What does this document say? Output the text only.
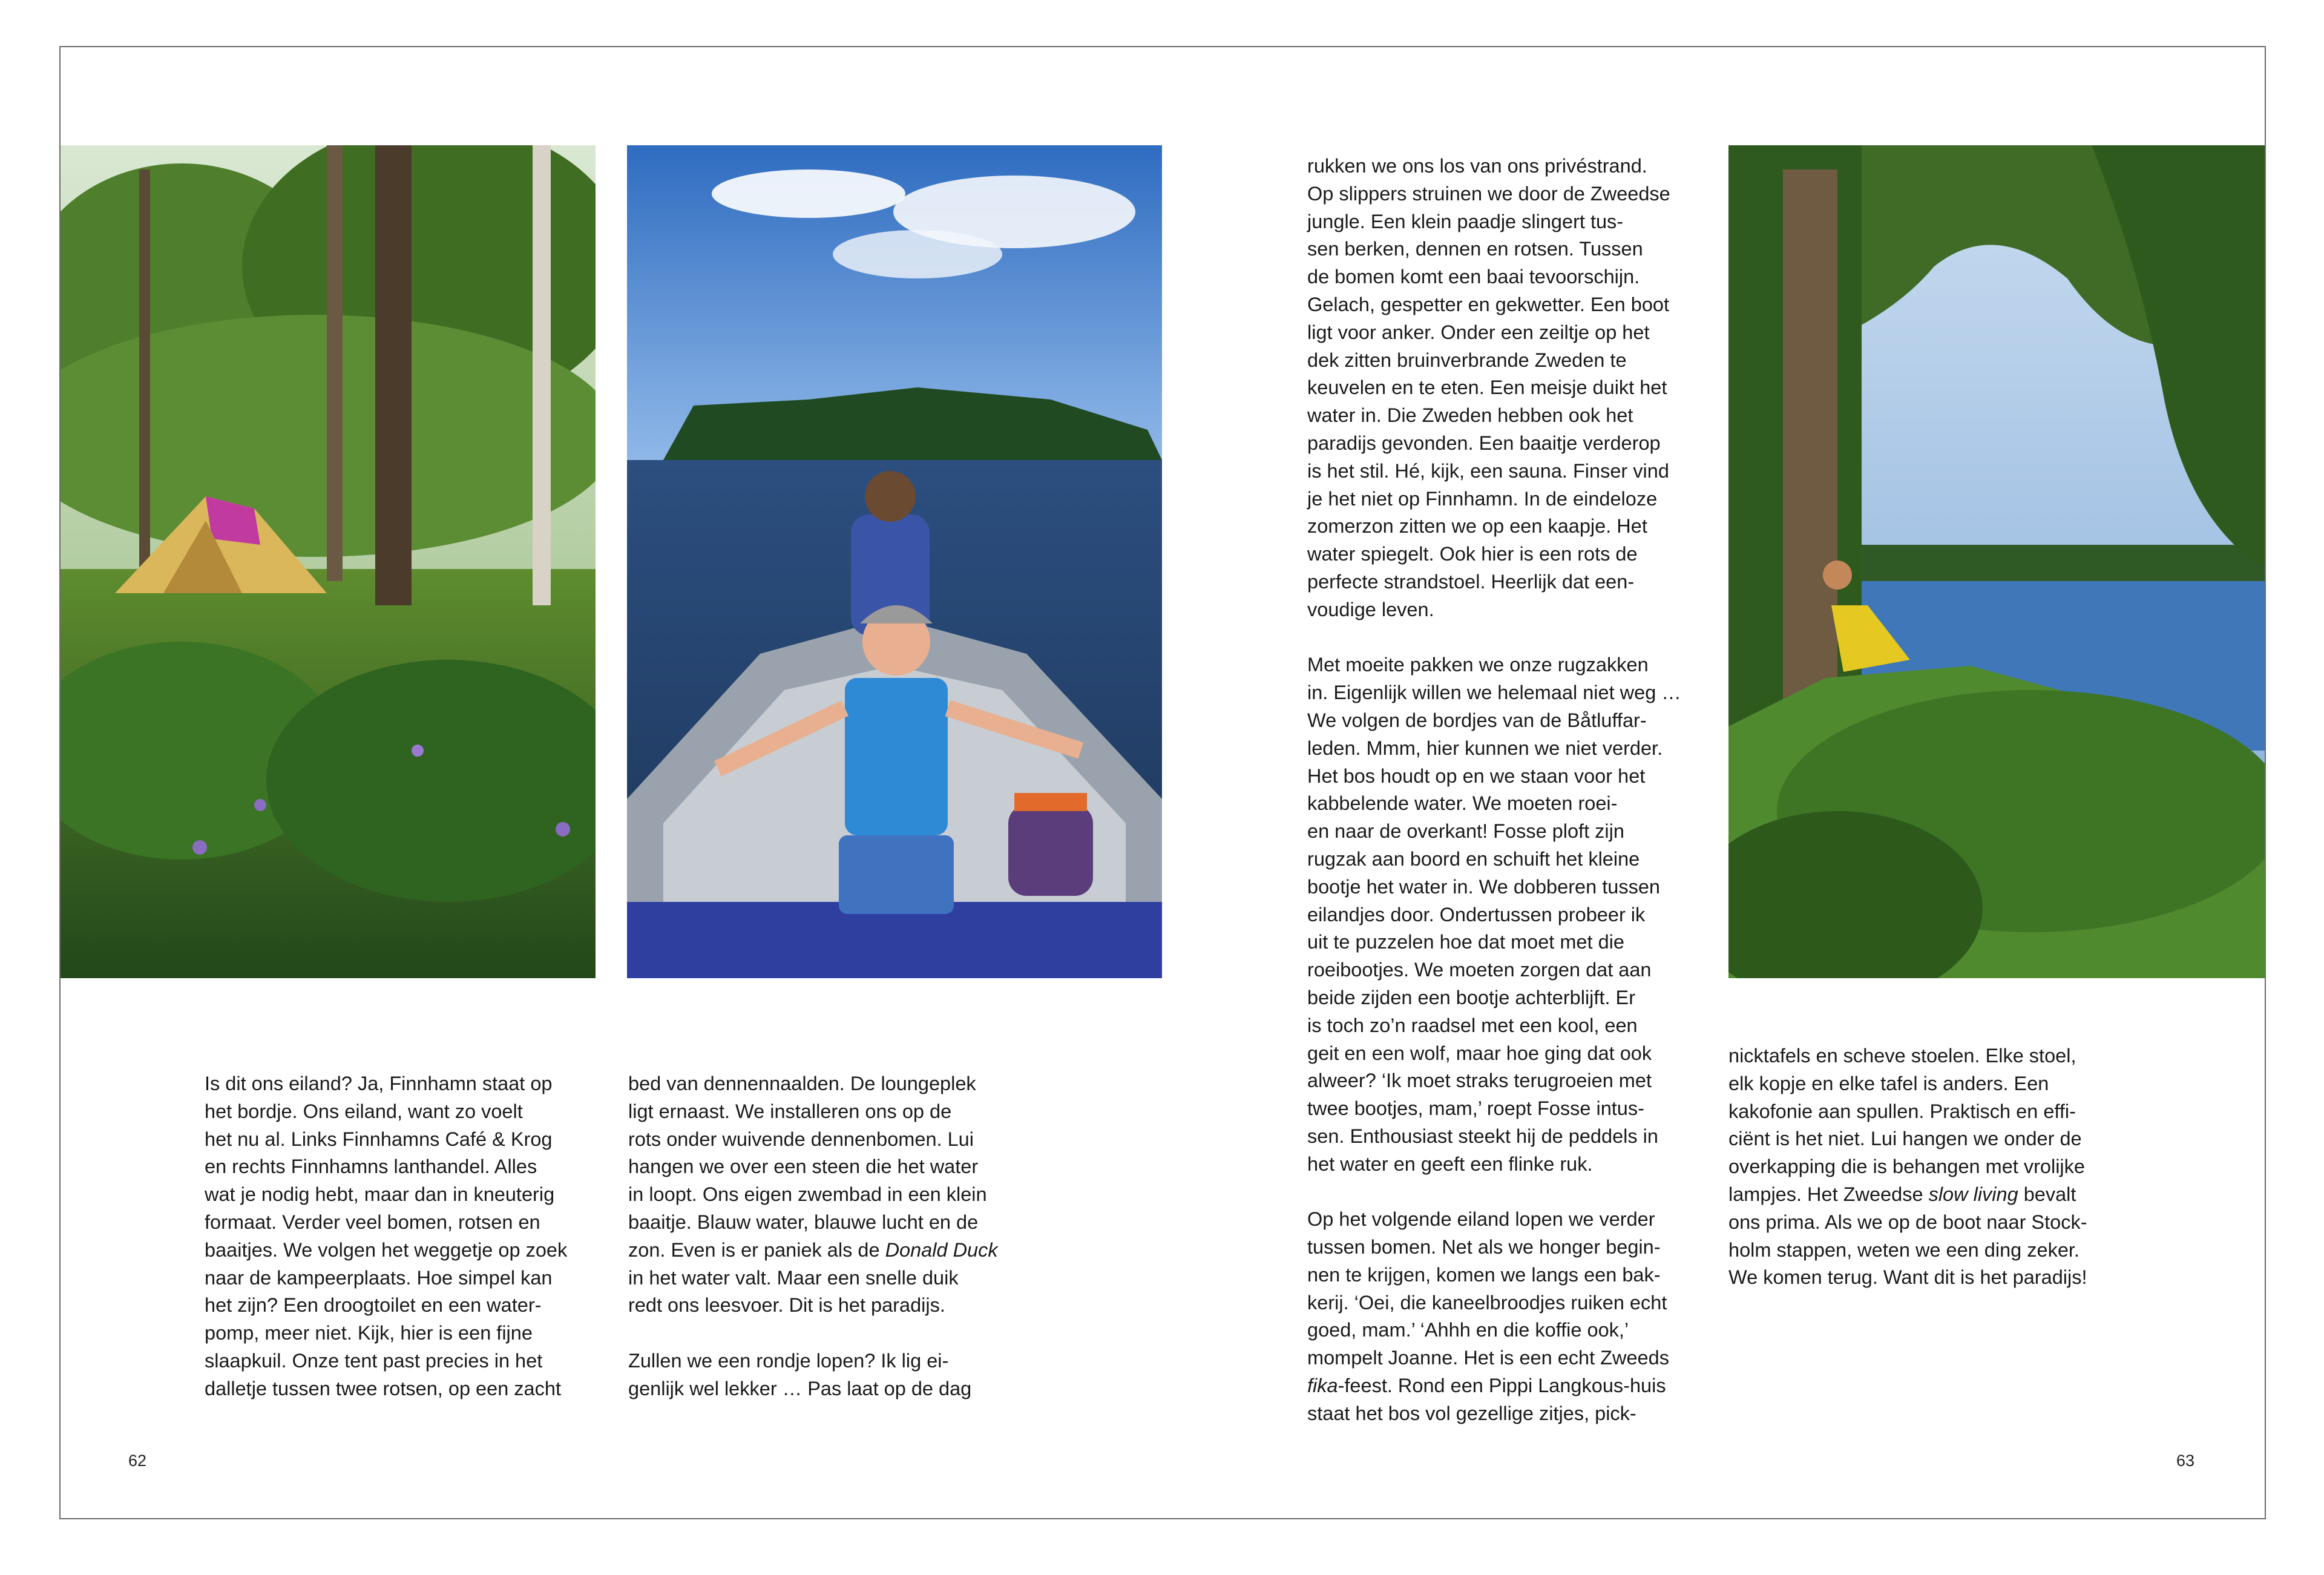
Is dit ons eiland? Ja, Finnhamn staat op
het bordje. Ons eiland, want zo voelt
het nu al. Links Finnhamns Café & Krog
en rechts Finnhamns lanthandel. Alles
wat je nodig hebt, maar dan in kneuterig
formaat. Verder veel bomen, rotsen en
baaitjes. We volgen het weggetje op zoek
naar de kampeerplaats. Hoe simpel kan
het zijn? Een droogtoilet en een water-
pomp, meer niet. Kijk, hier is een fijne
slaapkuil. Onze tent past precies in het
dalletje tussen twee rotsen, op een zacht

bed van dennennaalden. De loungeplek
ligt ernaast. We installeren ons op de
rots onder wuivende dennenbomen. Lui
hangen we over een steen die het water
in loopt. Ons eigen zwembad in een klein
baaitje. Blauw water, blauwe lucht en de
zon. Even is er paniek als de Donald Duck
in het water valt. Maar een snelle duik
redt ons leesvoer. Dit is het paradijs.

Zullen we een rondje lopen? Ik lig ei-
genlijk wel lekker … Pas laat op de dag

rukken we ons los van ons privéstrand.
Op slippers struinen we door de Zweedse
jungle. Een klein paadje slingert tus-
sen berken, dennen en rotsen. Tussen
de bomen komt een baai tevoorschijn.
Gelach, gespetter en gekwetter. Een boot
ligt voor anker. Onder een zeiltje op het
dek zitten bruinverbrande Zweden te
keuvelen en te eten. Een meisje duikt het
water in. Die Zweden hebben ook het
paradijs gevonden. Een baaitje verderop
is het stil. Hé, kijk, een sauna. Finser vind
je het niet op Finnhamn. In de eindeloze
zomerzon zitten we op een kaapje. Het
water spiegelt. Ook hier is een rots de
perfecte strandstoel. Heerlijk dat een-
voudige leven.

Met moeite pakken we onze rugzakken
in. Eigenlijk willen we helemaal niet weg …
We volgen de bordjes van de Båtluffar-
leden. Mmm, hier kunnen we niet verder.
Het bos houdt op en we staan voor het
kabbelende water. We moeten roei-
en naar de overkant! Fosse ploft zijn
rugzak aan boord en schuift het kleine
bootje het water in. We dobberen tussen
eilandjes door. Ondertussen probeer ik
uit te puzzelen hoe dat moet met die
roeibootjes. We moeten zorgen dat aan
beide zijden een bootje achterblijft. Er
is toch zo’n raadsel met een kool, een
geit en een wolf, maar hoe ging dat ook
alweer? ‘Ik moet straks terugroeien met
twee bootjes, mam,’ roept Fosse intus-
sen. Enthousiast steekt hij de peddels in
het water en geeft een flinke ruk.

Op het volgende eiland lopen we verder
tussen bomen. Net als we honger begin-
nen te krijgen, komen we langs een bak-
kerij. ‘Oei, die kaneelbroodjes ruiken echt
goed, mam.’ ‘Ahhh en die koffie ook,’
mompelt Joanne. Het is een echt Zweeds
fika-feest. Rond een Pippi Langkous-huis
staat het bos vol gezellige zitjes, pick-

nicktafels en scheve stoelen. Elke stoel,
elk kopje en elke tafel is anders. Een
kakofonie aan spullen. Praktisch en effi-
ciënt is het niet. Lui hangen we onder de
overkapping die is behangen met vrolijke
lampjes. Het Zweedse slow living bevalt
ons prima. Als we op de boot naar Stock-
holm stappen, weten we een ding zeker.
We komen terug. Want dit is het paradijs!

62	63
